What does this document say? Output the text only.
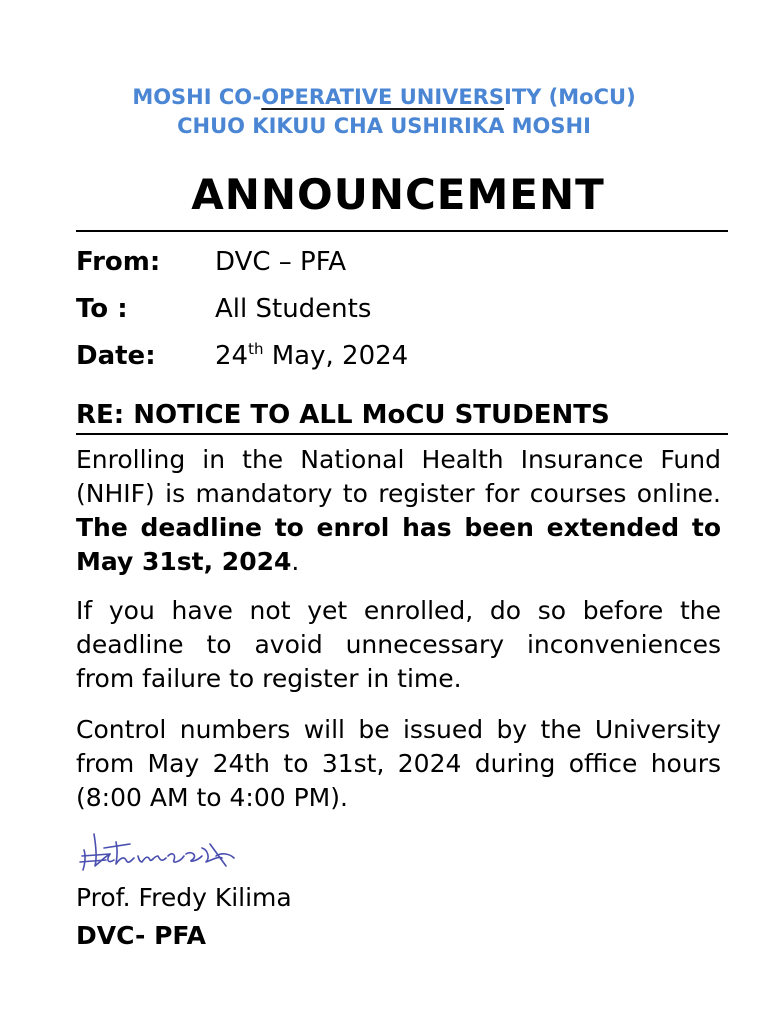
MOSHI CO-OPERATIVE UNIVERSITY (MoCU)
CHUO KIKUU CHA USHIRIKA MOSHI
ANNOUNCEMENT
From: DVC – PFA
To :	All Students
Date: 24th May, 2024
RE: NOTICE TO ALL MoCU STUDENTS
Enrolling in the National Health Insurance Fund (NHIF) is mandatory to register for courses online. The deadline to enrol has been extended to May 31st, 2024.
If you have not yet enrolled, do so before the deadline to avoid unnecessary inconveniences from failure to register in time.
Control numbers will be issued by the University from May 24th to 31st, 2024 during office hours (8:00 AM to 4:00 PM).
Prof. Fredy Kilima
DVC- PFA
